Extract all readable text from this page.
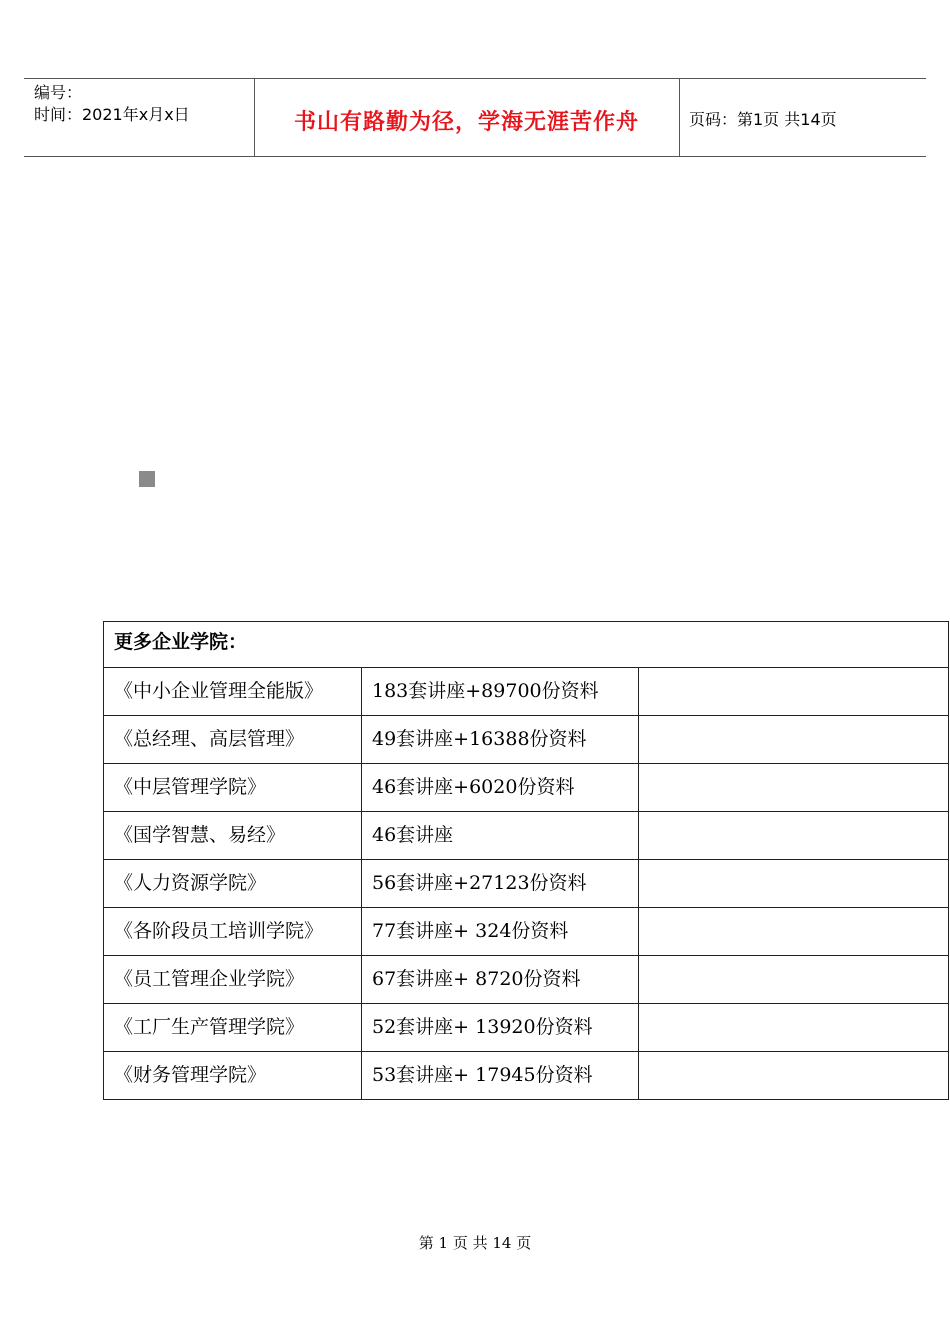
编号：
时间：2021年x月x日	书山有路勤为径，学海无涯苦作舟	页码：第1页 共14页
更多企业学院：		
《中小企业管理全能版》	183套讲座+89700份资料	
《总经理、高层管理》	49套讲座+16388份资料	
《中层管理学院》	46套讲座+6020份资料	
《国学智慧、易经》	46套讲座	
《人力资源学院》	56套讲座+27123份资料	
《各阶段员工培训学院》	77套讲座+ 324份资料	
《员工管理企业学院》	67套讲座+ 8720份资料	
《工厂生产管理学院》	52套讲座+ 13920份资料	
《财务管理学院》	53套讲座+ 17945份资料	
第 1 页 共 14 页
